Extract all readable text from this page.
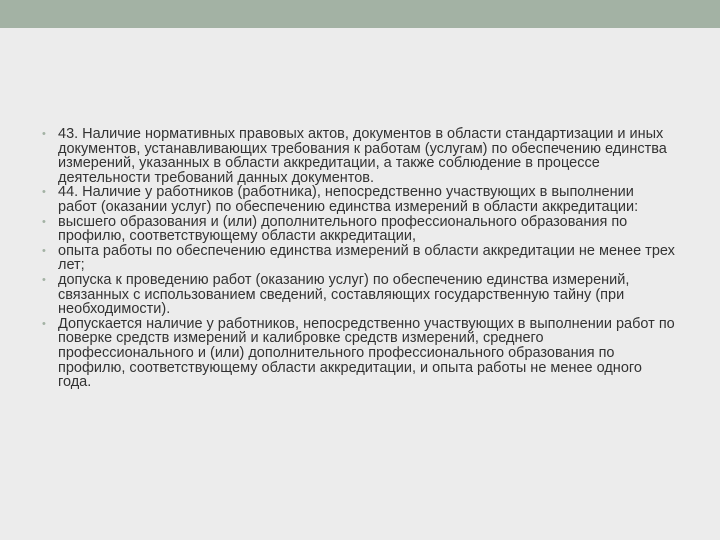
• 43. Наличие нормативных правовых актов, документов в области стандартизации и иных документов, устанавливающих требования к работам (услугам) по обеспечению единства измерений, указанных в области аккредитации, а также соблюдение в процессе деятельности требований данных документов.
• 44. Наличие у работников (работника), непосредственно участвующих в выполнении работ (оказании услуг) по обеспечению единства измерений в области аккредитации:
• высшего образования и (или) дополнительного профессионального образования по профилю, соответствующему области аккредитации,
• опыта работы по обеспечению единства измерений в области аккредитации не менее трех лет;
• допуска к проведению работ (оказанию услуг) по обеспечению единства измерений, связанных с использованием сведений, составляющих государственную тайну (при необходимости).
• Допускается наличие у работников, непосредственно участвующих в выполнении работ по поверке средств измерений и калибровке средств измерений, среднего профессионального и (или) дополнительного профессионального образования по профилю, соответствующему области аккредитации, и опыта работы не менее одного года.
